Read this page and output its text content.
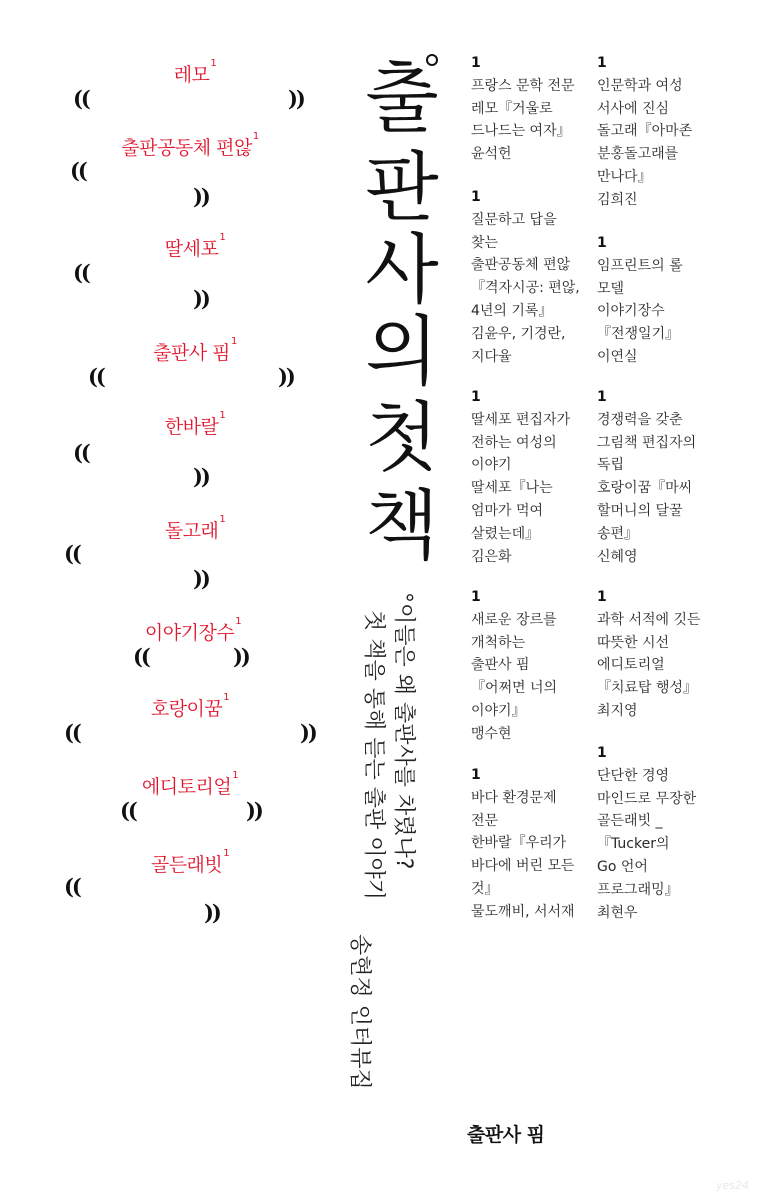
레모$^1$
((	))
출판공동체 편않$^1$
((
))
딸세포$^1$
((
))
출판사 핌$^1$
((	))
한바랄$^1$
((
))
돌고래$^1$
((
))
이야기장수$^1$
((	))
호랑이꿈$^1$
((	))
에디토리얼$^1$
((	))
골든래빗$^1$
((
))
출
판
사
의
첫
책
°이들은 왜 출판사를 차렸나?
첫 책을 통해 듣는 출판 이야기
송현정 인터뷰집
1
프랑스 문학 전문
레모『거울로
드나드는 여자』
윤석헌
1
질문하고 답을
찾는
출판공동체 편않
『격자시공: 편않,
4년의 기록』
김윤우, 기경란,
지다율
1
딸세포 편집자가
전하는 여성의
이야기
딸세포『나는
엄마가 먹여
살렸는데』
김은화
1
새로운 장르를
개척하는
출판사 핌
『어쩌면 너의
이야기』
맹수현
1
바다 환경문제
전문
한바랄『우리가
바다에 버린 모든
것』
물도깨비, 서서재
1
인문학과 여성
서사에 진심
돌고래『아마존
분홍돌고래를
만나다』
김희진
1
임프린트의 롤
모델
이야기장수
『전쟁일기』
이연실
1
경쟁력을 갖춘
그림책 편집자의
독립
호랑이꿈『마씨
할머니의 달꿀
송편』
신혜영
1
과학 서적에 깃든
따뜻한 시선
에디토리얼
『치료탑 행성』
최지영
1
단단한 경영
마인드로 무장한
골든래빗 _
『Tucker의
Go 언어
프로그래밍』
최현우
출판사 핌
yes24
